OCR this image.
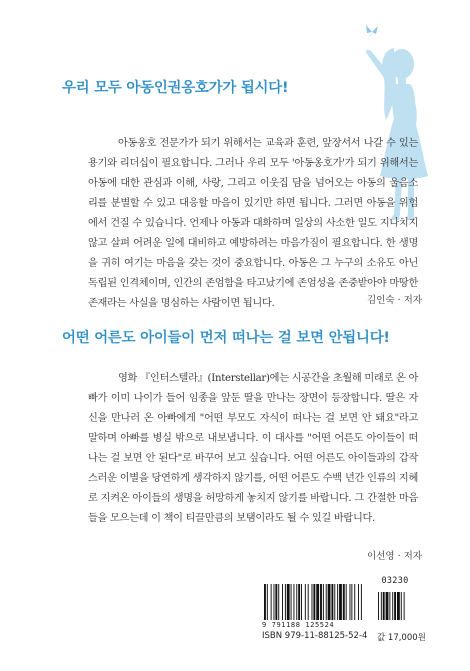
우리 모두 아동인권옹호가가 됩시다!

아동옹호 전문가가 되기 위해서는 교육과 훈련, 앞장서서 나갈 수 있는 용기와 리더십이 필요합니다. 그러나 우리 모두 '아동옹호가'가 되기 위해서는 아동에 대한 관심과 이해, 사랑, 그리고 이웃집 담을 넘어오는 아동의 울음소리를 분별할 수 있고 대응할 마음이 있기만 하면 됩니다. 그러면 아동을 위험에서 건질 수 있습니다. 언제나 아동과 대화하며 일상의 사소한 일도 지나치지 않고 살펴 어려운 일에 대비하고 예방하려는 마음가짐이 필요합니다. 한 생명을 귀히 여기는 마음을 갖는 것이 중요합니다. 아동은 그 누구의 소유도 아닌 독립된 인격체이며, 인간의 존엄함을 타고났기에 존엄성을 존중받아야 마땅한 존재라는 사실을 명심하는 사람이면 됩니다.	김인숙 · 저자
어떤 어른도 아이들이 먼저 떠나는 걸 보면 안됩니다!

영화 『인터스텔라』(Interstellar)에는 시공간을 초월해 미래로 온 아빠가 이미 나이가 들어 임종을 앞둔 딸을 만나는 장면이 등장합니다. 딸은 자신을 만나러 온 아빠에게 "어떤 부모도 자식이 떠나는 걸 보면 안 돼요"라고 말하며 아빠를 병실 밖으로 내보냅니다. 이 대사를 "어떤 어른도 아이들이 떠나는 걸 보면 안 된다"로 바꾸어 보고 싶습니다. 어떤 어른도 아이들과의 갑작스러운 이별을 당연하게 생각하지 않기를, 어떤 어른도 수백 년간 인류의 지혜로 지켜온 아이들의 생명을 허망하게 놓치지 않기를 바랍니다. 그 간절한 마음들을 모으는데 이 책이 티끌만큼의 보탬이라도 될 수 있길 바랍니다.

이선영 · 저자
03230
9 791188 125524
ISBN 979-11-88125-52-4 값 17,000원
